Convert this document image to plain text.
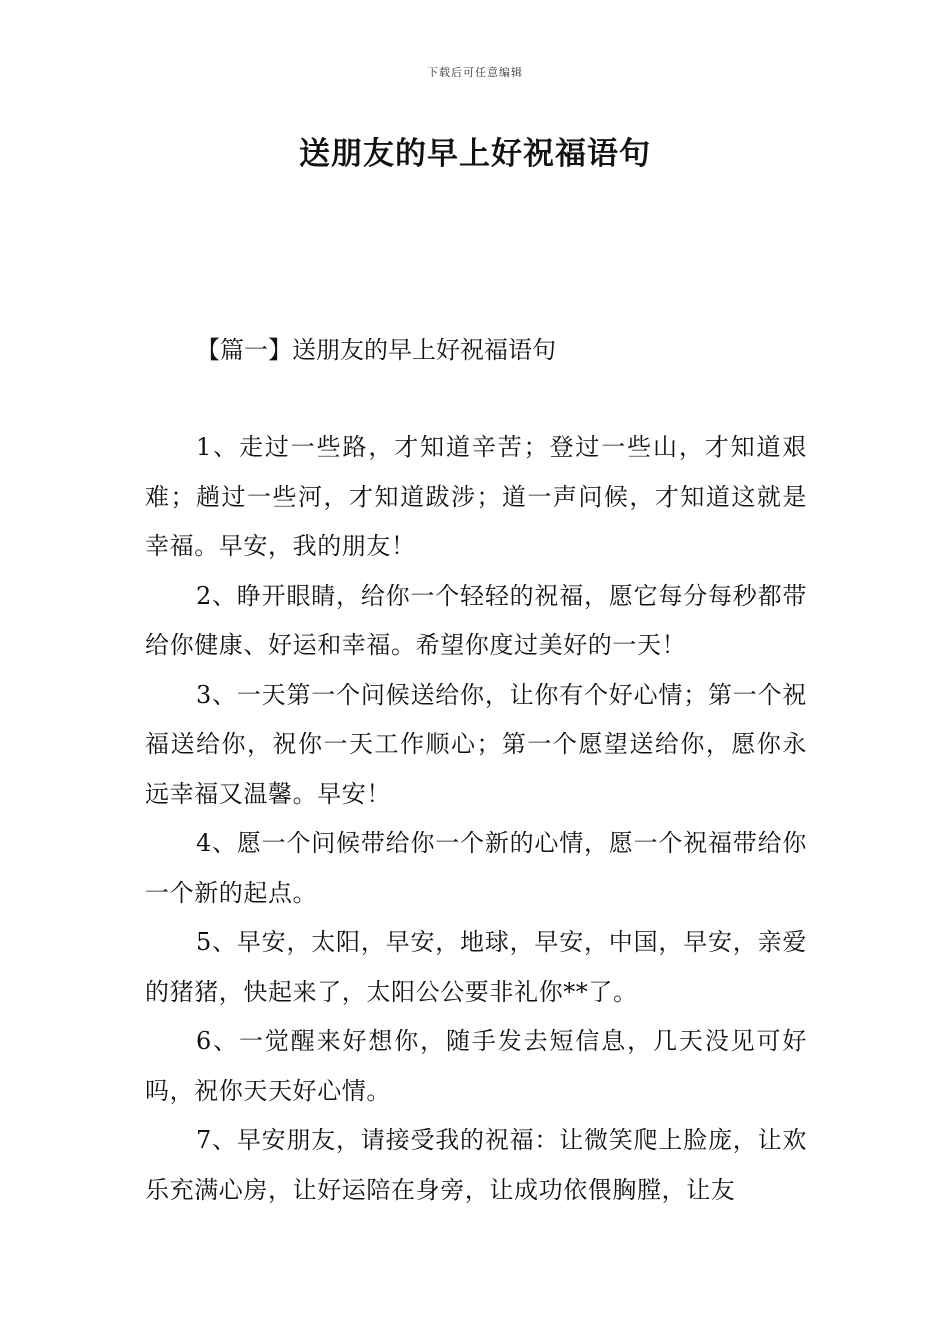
下载后可任意编辑
送朋友的早上好祝福语句
【篇一】送朋友的早上好祝福语句

1、走过一些路，才知道辛苦；登过一些山，才知道艰难；趟过一些河，才知道跋涉；道一声问候，才知道这就是幸福。早安，我的朋友！

2、睁开眼睛，给你一个轻轻的祝福，愿它每分每秒都带给你健康、好运和幸福。希望你度过美好的一天！

3、一天第一个问候送给你，让你有个好心情；第一个祝福送给你，祝你一天工作顺心；第一个愿望送给你，愿你永远幸福又温馨。早安！

4、愿一个问候带给你一个新的心情，愿一个祝福带给你一个新的起点。

5、早安，太阳，早安，地球，早安，中国，早安，亲爱的猪猪，快起来了，太阳公公要非礼你**了。

6、一觉醒来好想你，随手发去短信息，几天没见可好吗，祝你天天好心情。

7、早安朋友，请接受我的祝福：让微笑爬上脸庞，让欢乐充满心房，让好运陪在身旁，让成功依偎胸膛，让友
